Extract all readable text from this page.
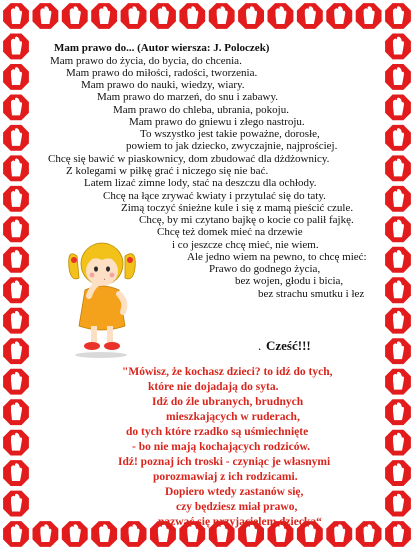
Mam prawo do... (Autor wiersza: J. Poloczek)
Mam prawo do życia, do bycia, do chcenia.
Mam prawo do miłości, radości, tworzenia.
Mam prawo do nauki, wiedzy, wiary.
Mam prawo do marzeń, do snu i zabawy.
Mam prawo do chleba, ubrania, pokoju.
Mam prawo do gniewu i złego nastroju.
To wszystko jest takie poważne, dorosłe,
powiem to jak dziecko, zwyczajnie, najprościej.
Chcę się bawić w piaskownicy, dom zbudować dla dżdżownicy.
Z kolegami w piłkę grać i niczego się nie bać.
Latem lizać zimne lody, stać na deszczu dla ochłody.
Chcę na łące zrywać kwiaty i przytulać się do taty.
Zimą toczyć śnieżne kule i się z mamą pieścić czule.
Chcę, by mi czytano bajkę o kocie co palił fajkę.
Chcę też domek mieć na drzewie
i co jeszcze chcę mieć, nie wiem.
Ale jedno wiem na pewno, to chcę mieć:
Prawo do godnego życia,
bez wojen, głodu i bicia,
bez strachu smutku i łez
. Cześć!!!
"Mówisz, że kochasz dzieci? to idź do tych,
które nie dojadają do syta.
Idź do źle ubranych, brudnych
mieszkających w ruderach,
do tych które rzadko są uśmiechnięte
- bo nie mają kochających rodziców.
Idź! poznaj ich troski - czyniąc je własnymi
porozmawiaj z ich rodzicami.
Dopiero wtedy zastanów się,
czy będziesz miał prawo,
nazwać się przyjacielem dziecka“
